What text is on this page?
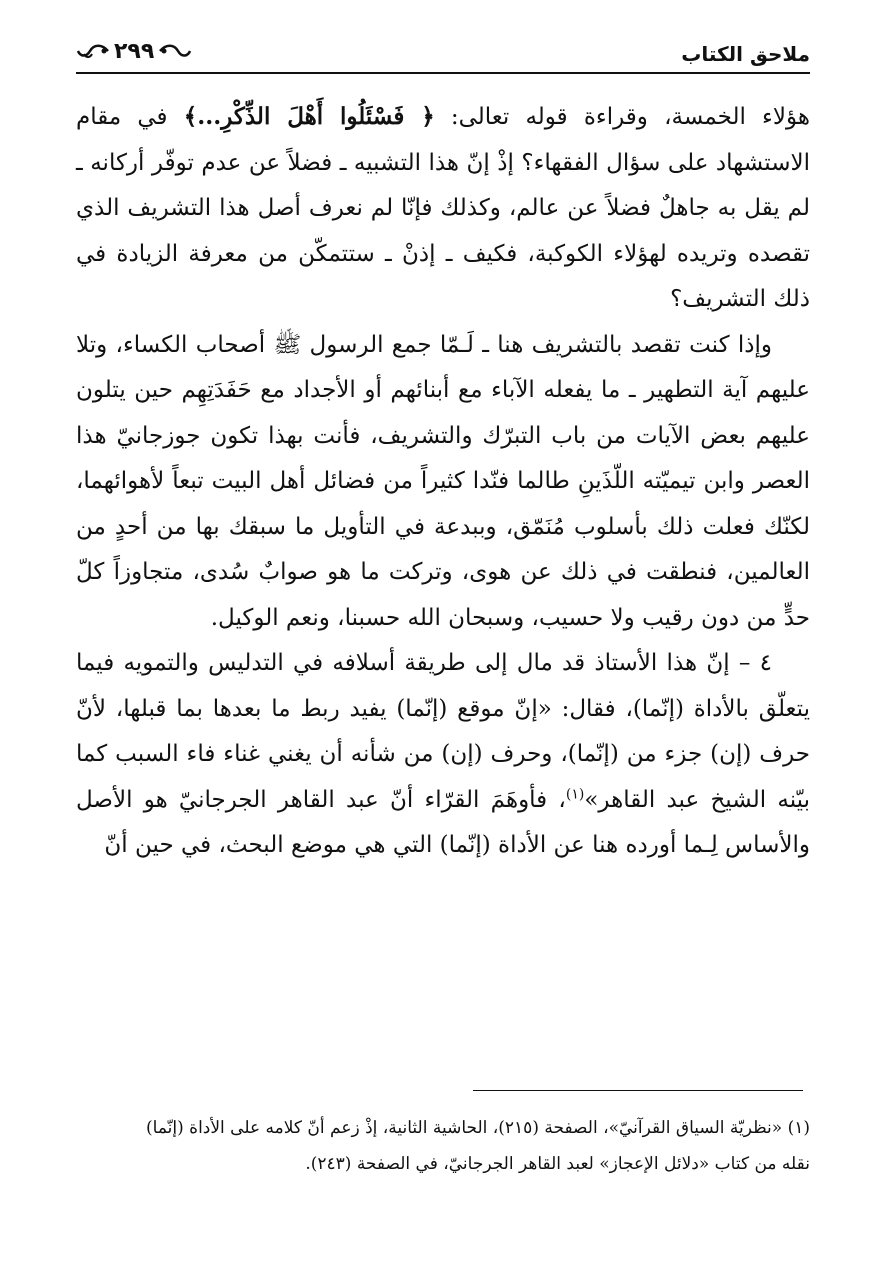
ملاحق الكتاب
٢٩٩

هؤلاء الخمسة، وقراءة قوله تعالى: ﴿ فَسْئَلُوا أَهْلَ الذِّكْرِ...﴾ في مقام الاستشهاد على سؤال الفقهاء؟ إذْ إنّ هذا التشبيه ـ فضلاً عن عدم توفّر أركانه ـ لم يقل به جاهلٌ فضلاً عن عالم، وكذلك فإنّا لم نعرف أصل هذا التشريف الذي تقصده وتريده لهؤلاء الكوكبة، فكيف ـ إذنْ ـ ستتمكّن من معرفة الزيادة في ذلك التشريف؟

وإذا كنت تقصد بالتشريف هنا ـ لَـمّا جمع الرسول ﷺ أصحاب الكساء، وتلا عليهم آية التطهير ـ ما يفعله الآباء مع أبنائهم أو الأجداد مع حَفَدَتِهِم حين يتلون عليهم بعض الآيات من باب التبرّك والتشريف، فأنت بهذا تكون جوزجانيّ هذا العصر وابن تيميّته اللّذَينِ طالما فنّدا كثيراً من فضائل أهل البيت تبعاً لأهوائهما، لكنّك فعلت ذلك بأسلوب مُنَمّق، وببدعة في التأويل ما سبقك بها من أحدٍ من العالمين، فنطقت في ذلك عن هوى، وتركت ما هو صوابٌ سُدى، متجاوزاً كلّ حدٍّ من دون رقيب ولا حسيب، وسبحان الله حسبنا، ونعم الوكيل.

٤ – إنّ هذا الأستاذ قد مال إلى طريقة أسلافه في التدليس والتمويه فيما يتعلّق بالأداة (إنّما)، فقال: «إنّ موقع (إنّما) يفيد ربط ما بعدها بما قبلها، لأنّ حرف (إن) جزء من (إنّما)، وحرف (إن) من شأنه أن يغني غناء فاء السبب كما بيّنه الشيخ عبد القاهر»$^{(١)}$، فأوهَمَ القرّاء أنّ عبد القاهر الجرجانيّ هو الأصل والأساس لِـما أورده هنا عن الأداة (إنّما) التي هي موضع البحث، في حين أنّ

(١) «نظريّة السياق القرآنيّ»، الصفحة (٢١٥)، الحاشية الثانية، إذْ زعم أنّ كلامه على الأداة (إنّما)

نقله من كتاب «دلائل الإعجاز» لعبد القاهر الجرجانيّ، في الصفحة (٢٤٣).
